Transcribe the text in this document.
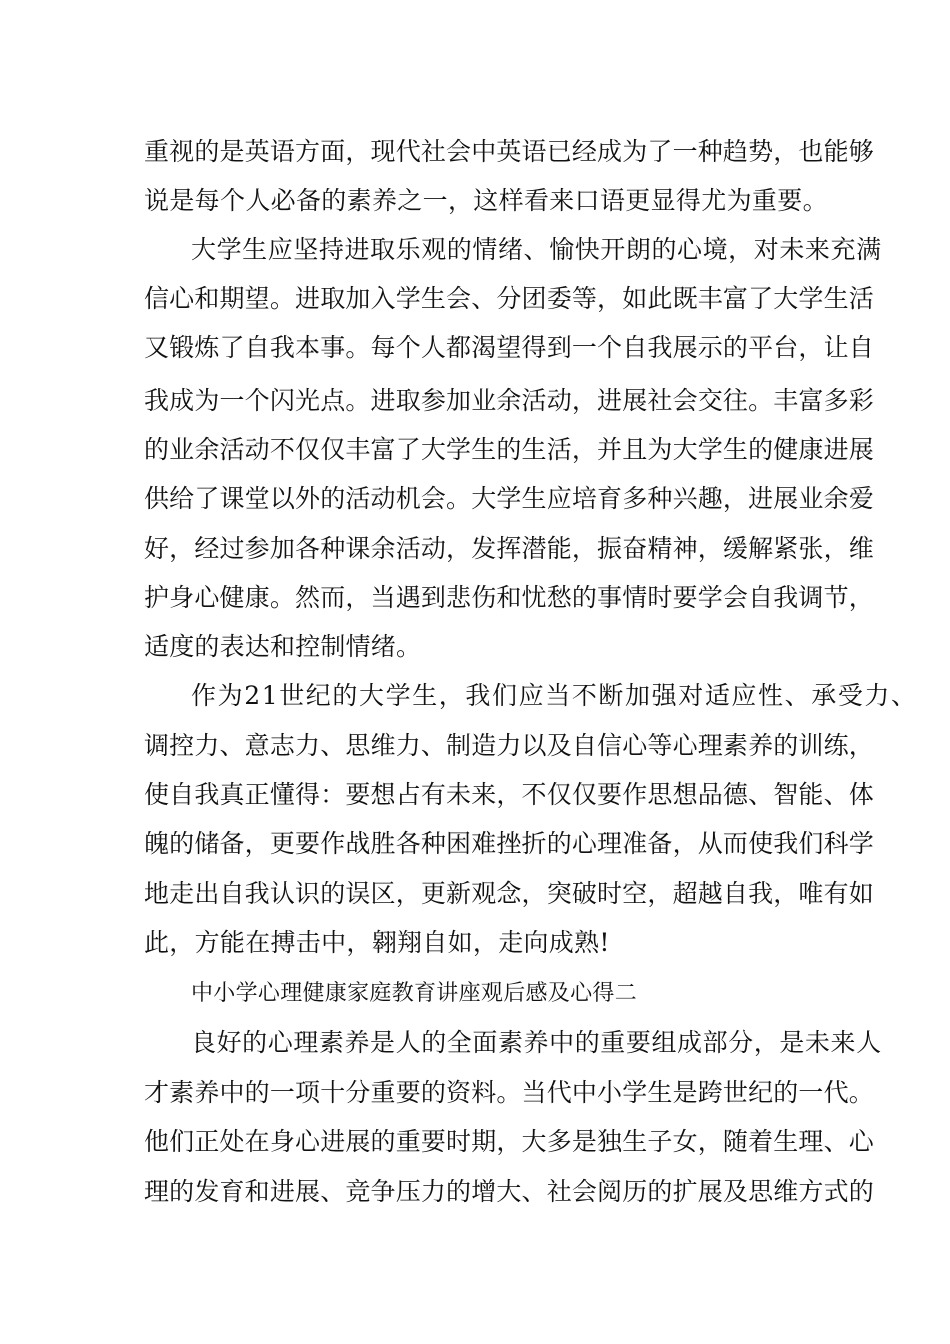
重视的是英语方面，现代社会中英语已经成为了一种趋势，也能够

说是每个人必备的素养之一，这样看来口语更显得尤为重要。

大学生应坚持进取乐观的情绪、愉快开朗的心境，对未来充满

信心和期望。进取加入学生会、分团委等，如此既丰富了大学生活

又锻炼了自我本事。每个人都渴望得到一个自我展示的平台，让自

我成为一个闪光点。进取参加业余活动，进展社会交往。丰富多彩

的业余活动不仅仅丰富了大学生的生活，并且为大学生的健康进展

供给了课堂以外的活动机会。大学生应培育多种兴趣，进展业余爱

好，经过参加各种课余活动，发挥潜能，振奋精神，缓解紧张，维

护身心健康。然而，当遇到悲伤和忧愁的事情时要学会自我调节，

适度的表达和控制情绪。

作为21世纪的大学生，我们应当不断加强对适应性、承受力、

调控力、意志力、思维力、制造力以及自信心等心理素养的训练，

使自我真正懂得：要想占有未来，不仅仅要作思想品德、智能、体

魄的储备，更要作战胜各种困难挫折的心理准备，从而使我们科学

地走出自我认识的误区，更新观念，突破时空，超越自我，唯有如

此，方能在搏击中，翱翔自如，走向成熟!

中小学心理健康家庭教育讲座观后感及心得二

良好的心理素养是人的全面素养中的重要组成部分，是未来人

才素养中的一项十分重要的资料。当代中小学生是跨世纪的一代。

他们正处在身心进展的重要时期，大多是独生子女，随着生理、心

理的发育和进展、竞争压力的增大、社会阅历的扩展及思维方式的
